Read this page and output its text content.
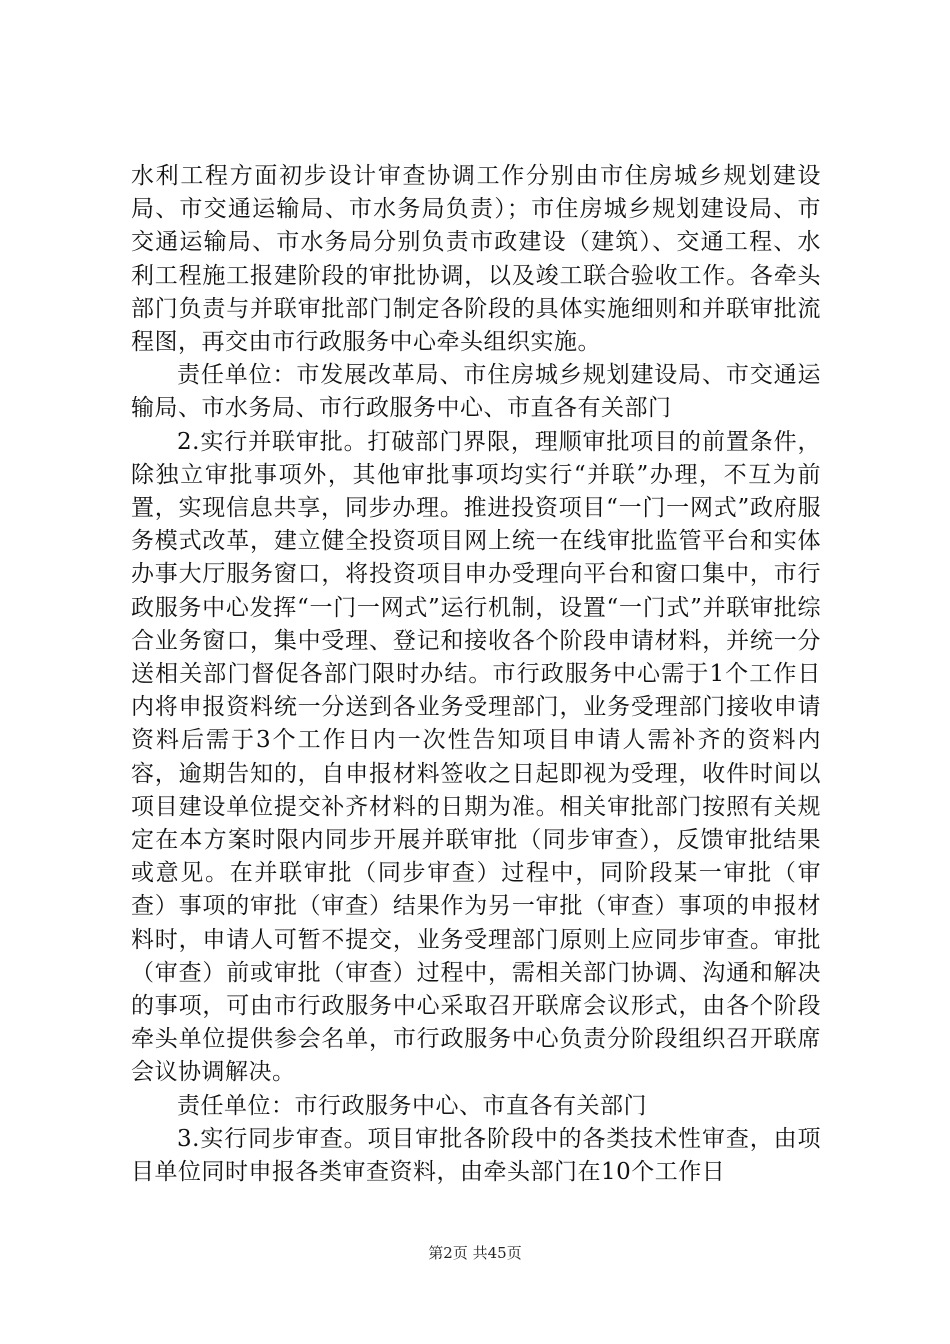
水利工程方面初步设计审查协调工作分别由市住房城乡规划建设局、市交通运输局、市水务局负责）；市住房城乡规划建设局、市交通运输局、市水务局分别负责市政建设（建筑）、交通工程、水利工程施工报建阶段的审批协调，以及竣工联合验收工作。各牵头部门负责与并联审批部门制定各阶段的具体实施细则和并联审批流程图，再交由市行政服务中心牵头组织实施。

责任单位：市发展改革局、市住房城乡规划建设局、市交通运输局、市水务局、市行政服务中心、市直各有关部门

2.实行并联审批。打破部门界限，理顺审批项目的前置条件，除独立审批事项外，其他审批事项均实行“并联”办理，不互为前置，实现信息共享，同步办理。推进投资项目“一门一网式”政府服务模式改革，建立健全投资项目网上统一在线审批监管平台和实体办事大厅服务窗口，将投资项目申办受理向平台和窗口集中，市行政服务中心发挥“一门一网式”运行机制，设置“一门式”并联审批综合业务窗口，集中受理、登记和接收各个阶段申请材料，并统一分送相关部门督促各部门限时办结。市行政服务中心需于1个工作日内将申报资料统一分送到各业务受理部门，业务受理部门接收申请资料后需于3个工作日内一次性告知项目申请人需补齐的资料内容，逾期告知的，自申报材料签收之日起即视为受理，收件时间以项目建设单位提交补齐材料的日期为准。相关审批部门按照有关规定在本方案时限内同步开展并联审批（同步审查），反馈审批结果或意见。在并联审批（同步审查）过程中，同阶段某一审批（审查）事项的审批（审查）结果作为另一审批（审查）事项的申报材料时，申请人可暂不提交，业务受理部门原则上应同步审查。审批（审查）前或审批（审查）过程中，需相关部门协调、沟通和解决的事项，可由市行政服务中心采取召开联席会议形式，由各个阶段牵头单位提供参会名单，市行政服务中心负责分阶段组织召开联席会议协调解决。

责任单位：市行政服务中心、市直各有关部门

3.实行同步审查。项目审批各阶段中的各类技术性审查，由项目单位同时申报各类审查资料，由牵头部门在10个工作日

第2页 共45页
